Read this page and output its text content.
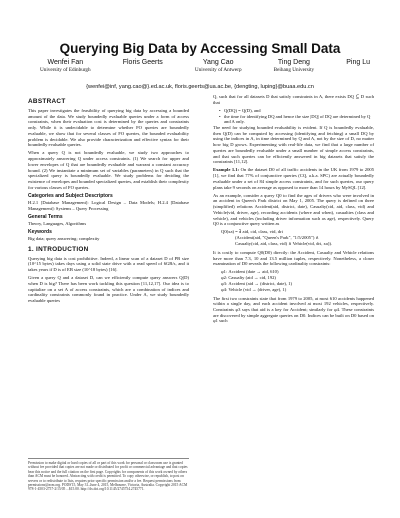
Querying Big Data by Accessing Small Data
Wenfei Fan
University of Edinburgh
Floris Geerts	Yang Cao
University of Antwerp
Ting Deng
Beihang University
Ping Lu
{wenfei@inf, yang.cao@}.ed.ac.uk, floris.geerts@ua.ac.be, {dengting, luping}@buaa.edu.cn
ABSTRACT

This paper investigates the feasibility of querying big data by accessing a bounded amount of the data. We study boundedly evaluable queries under a form of access constraints, when their evaluation cost is determined by the queries and constraints only. While it is undecidable to determine whether FO queries are boundedly evaluable, we show that for several classes of FO queries, the bounded evaluability problem is decidable. We also provide characterization and effective syntax for their boundedly evaluable queries.

When a query Q is not boundedly evaluable, we study two approaches to approximately answering Q under access constraints. (1) We search for upper and lower envelopes of Q that are boundedly evaluable and warrant a constant accuracy bound. (2) We instantiate a minimum set of variables (parameters) in Q such that the specialized query is boundedly evaluable. We study problems for deciding the existence of envelopes and bounded specialized queries, and establish their complexity for various classes of FO queries.

Categories and Subject Descriptors

H.2.1 [Database Management]: Logical Design – Data Models; H.2.4 [Database Management]: Systems – Query Processing

General Terms

Theory, Languages, Algorithms

Keywords

Big data; query answering; complexity

1. INTRODUCTION

Querying big data is cost prohibitive. Indeed, a linear scan of a dataset D of PB size (10^15 bytes) takes days using a solid state drive with a read speed of 6GB/s, and it takes years if D is of EB size (10^18 bytes) [16].

Given a query Q and a dataset D, can we efficiently compute query answers Q(D) when D is big? There has been work tackling this question [11,12,17]. Our idea is to capitalize on a set A of access constraints, which are a combination of indices and cardinality constraints commonly found in practice. Under A, we study boundedly evaluable queries

Permission to make digital or hard copies of all or part of this work for personal or classroom use is granted without fee provided that copies are not made or distributed for profit or commercial advantage and that copies bear this notice and the full citation on the first page. Copyrights for components of this work owned by others than ACM must be honored. Abstracting with credit is permitted. To copy otherwise, or republish, to post on servers or to redistribute to lists, requires prior specific permission and/or a fee. Request permissions from permissions@acm.org. PODS'15, May 31–June 4, 2015, Melbourne, Victoria, Australia. Copyright 2015 ACM 978-1-4503-2757-2/15/05 ...$15.00. http://dx.doi.org/10.1145/2745754.2745771.

Q, such that for all datasets D that satisfy constraints in A, there exists DQ ⊆ D such that

• Q(DQ) = Q(D), and
• the time for identifying DQ and hence the size |DQ| of DQ are determined by Q and A only.

The need for studying bounded evaluability is evident. If Q is boundedly evaluable, then Q(D) can be computed by accessing (identifying and fetching) a small DQ by using the indices in A, in time determined by Q and A, not by the size of D, no matter how big D grows. Experimenting with real-life data, we find that a large number of queries are boundedly evaluable under a small number of simple access constraints, and that such queries can be efficiently answered in big datasets that satisfy the constraints [11,12].

Example 1.1: On the dataset D0 of all traffic accidents in the UK from 1979 to 2005 [1], we find that 77% of conjunctive queries (CQ, a.k.a. SPC) are actually boundedly evaluable under a set of 84 simple access constraints, and for such queries, our query plans take 9 seconds on average as opposed to more than 14 hours by MySQL [12].

As an example, consider a query Q0 to find the ages of drivers who were involved in an accident in Queen's Park district on May 1, 2005. The query is defined on three (simplified) relations Accident(aid, district, date), Casualty(cid, aid, class, vid) and Vehicle(vid, driver, age), recording accidents (where and when), casualties (class and vehicle), and vehicles (including driver information such as age), respectively. Query Q0 is a conjunctive query written as

Q0(xa) = ∃ aid, cid, class, vid, dri
(Accident(aid, "Queen's Park", "1/5/2005") ∧
Casualty(cid, aid, class, vid) ∧ Vehicle(vid, dri, xa)).

It is costly to compute Q0(D0) directly: the Accident, Casualty and Vehicle relations have more than 7.3, 10 and 13.5 million tuples, respectively. Nonetheless, a closer examination of D0 reveals the following cardinality constraints:

φ1: Accident (date → aid, 610)
φ2: Casualty (aid → cid, 192)
φ3: Accident (aid → (district, date), 1)
φ4: Vehicle (vid → (driver, age), 1)

The first two constraints state that from 1979 to 2005, at most 610 accidents happened within a single day, and each accident involved at most 192 vehicles, respectively. Constraints φ3 says that aid is a key for Accident; similarly for φ4. These constraints are discovered by simple aggregate queries on D0. Indices can be built on D0 based on φ1 such
